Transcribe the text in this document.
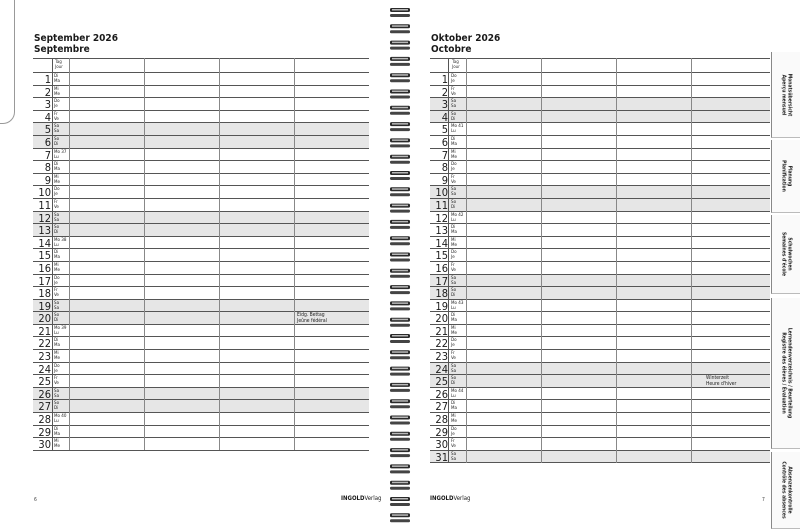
September 2026
Septembre
Tag
Jour
1 Di
Ma
2 Mi
Me
3 Do
Je
4 Fr
Ve
5 Sa
Sa
6 So
Di
7 Mo 37
Lu
8 Di
Ma
9 Mi
Me
10 Do
Je
11 Fr
Ve
12 Sa
Sa
13 So
Di
14 Mo 38
Lu
15 Di
Ma
16 Mi
Me
17 Do
Je
18 Fr
Ve
19 Sa
Sa
20 So
Di
Eidg. Bettag
Jeûne fédéral
21 Mo 39
Lu
22 Di
Ma
23 Mi
Me
24 Do
Je
25 Fr
Ve
26 Sa
Sa
27 So
Di
28 Mo 40
Lu
29 Di
Ma
30 Mi
Me
6	INGOLDVerlag
Oktober 2026
Octobre
Tag
Jour
1 Do
Je
2 Fr
Ve
3 Sa
Sa
4 So
Di
5 Mo 41
Lu
6 Di
Ma
7 Mi
Me
8 Do
Je
9 Fr
Ve
10 Sa
Sa
11 So
Di
12 Mo 42
Lu
13 Di
Ma
14 Mi
Me
15 Do
Je
16 Fr
Ve
17 Sa
Sa
18 So
Di
19 Mo 43
Lu
20 Di
Ma
21 Mi
Me
22 Do
Je
23 Fr
Ve
24 Sa
Sa
25 So
Di
Winterzeit
Heure d'hiver
26 Mo 44
Lu
27 Di
Ma
28 Mi
Me
29 Do
Je
30 Fr
Ve
31 Sa
Sa
7
INGOLDVerlag
Monatsübersicht
Aperçu mensuel
Planung
Planification
Schulwochen
Semaines d'école
Lernendenverzeichnis / Beurteilung
Registre des élèves / Évaluation
Absenzenkontrolle
Contrôle des absences
